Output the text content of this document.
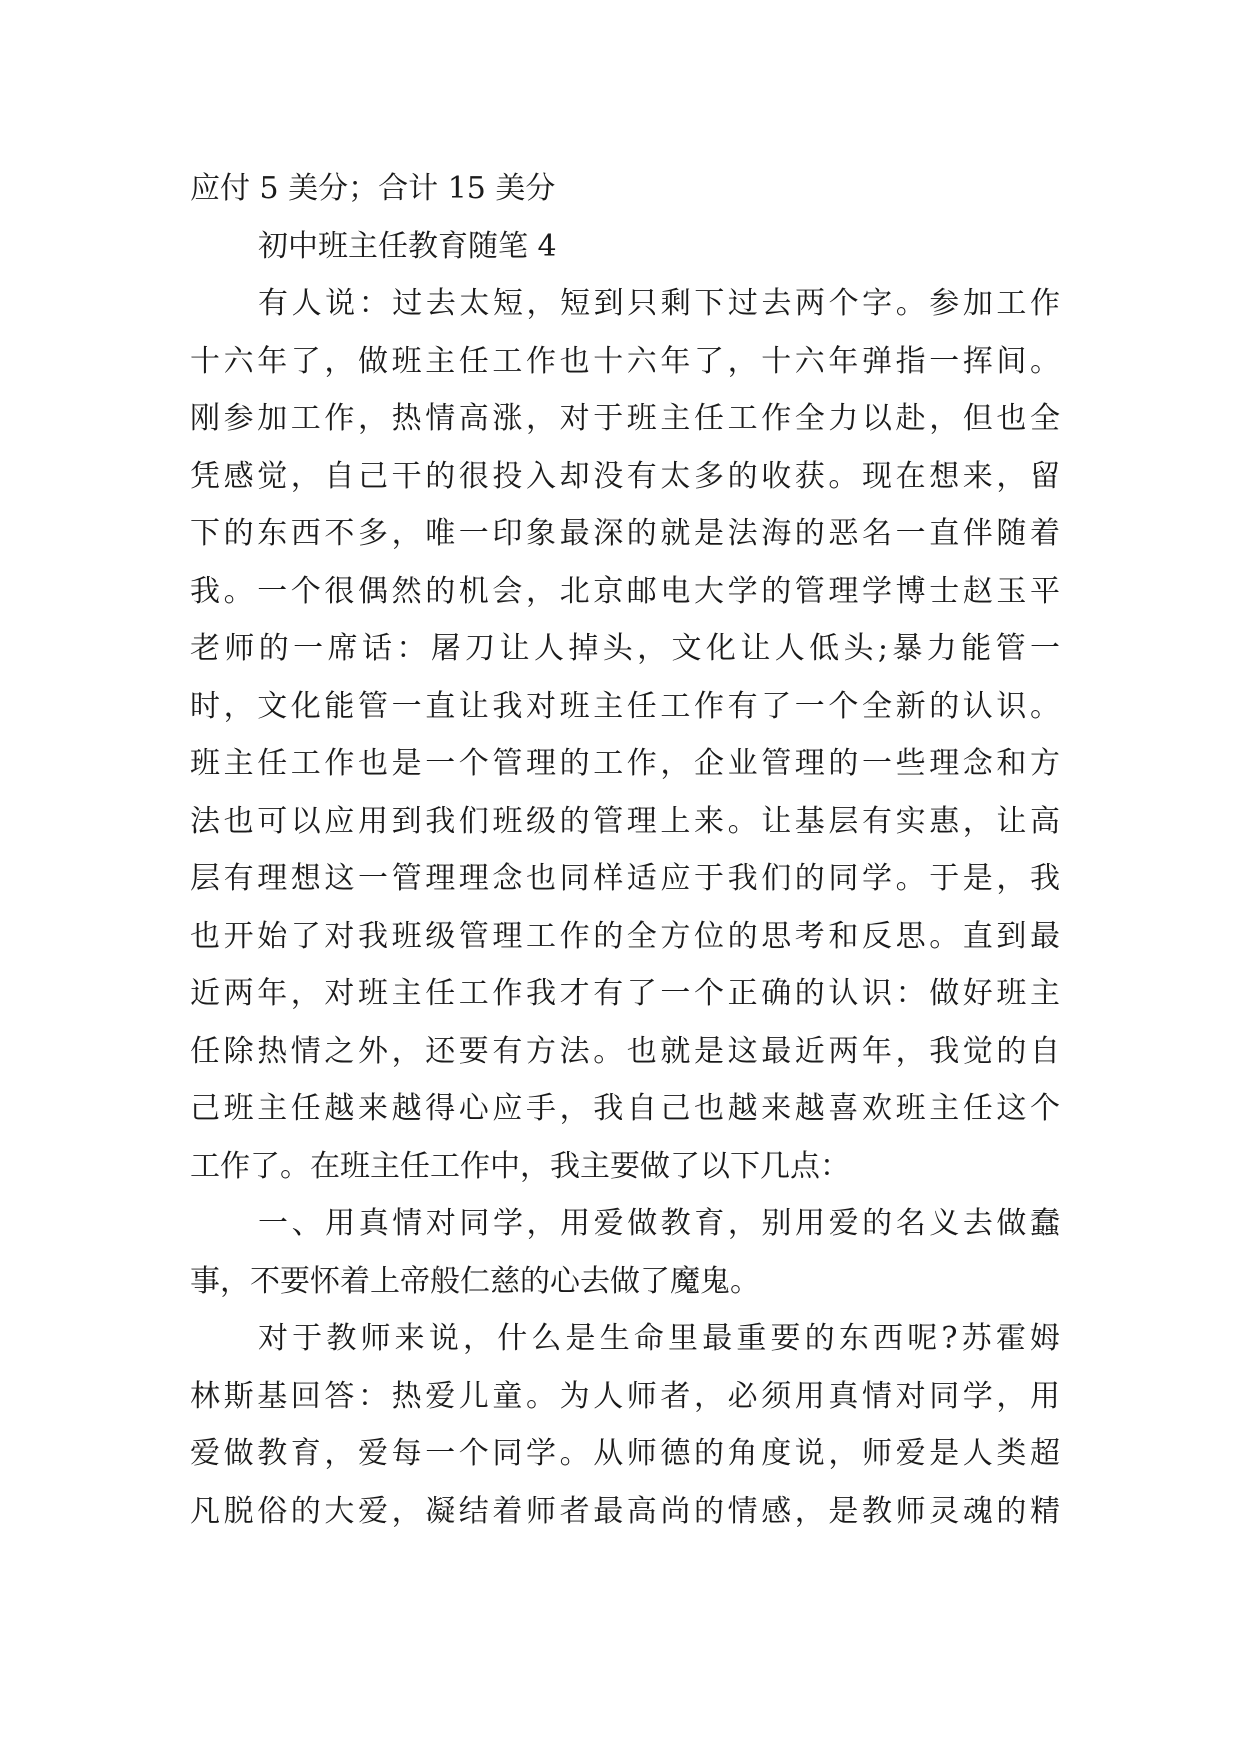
应付 5 美分；合计 15 美分
初中班主任教育随笔 4
有人说：过去太短，短到只剩下过去两个字。参加工作
十六年了，做班主任工作也十六年了，十六年弹指一挥间。
刚参加工作，热情高涨，对于班主任工作全力以赴，但也全
凭感觉，自己干的很投入却没有太多的收获。现在想来，留
下的东西不多，唯一印象最深的就是法海的恶名一直伴随着
我。一个很偶然的机会，北京邮电大学的管理学博士赵玉平
老师的一席话：屠刀让人掉头，文化让人低头;暴力能管一
时，文化能管一直让我对班主任工作有了一个全新的认识。
班主任工作也是一个管理的工作，企业管理的一些理念和方
法也可以应用到我们班级的管理上来。让基层有实惠，让高
层有理想这一管理理念也同样适应于我们的同学。于是，我
也开始了对我班级管理工作的全方位的思考和反思。直到最
近两年，对班主任工作我才有了一个正确的认识：做好班主
任除热情之外，还要有方法。也就是这最近两年，我觉的自
己班主任越来越得心应手，我自己也越来越喜欢班主任这个
工作了。在班主任工作中，我主要做了以下几点：
一、用真情对同学，用爱做教育，别用爱的名义去做蠢
事，不要怀着上帝般仁慈的心去做了魔鬼。
对于教师来说，什么是生命里最重要的东西呢?苏霍姆
林斯基回答：热爱儿童。为人师者，必须用真情对同学，用
爱做教育，爱每一个同学。从师德的角度说，师爱是人类超
凡脱俗的大爱，凝结着师者最高尚的情感，是教师灵魂的精
